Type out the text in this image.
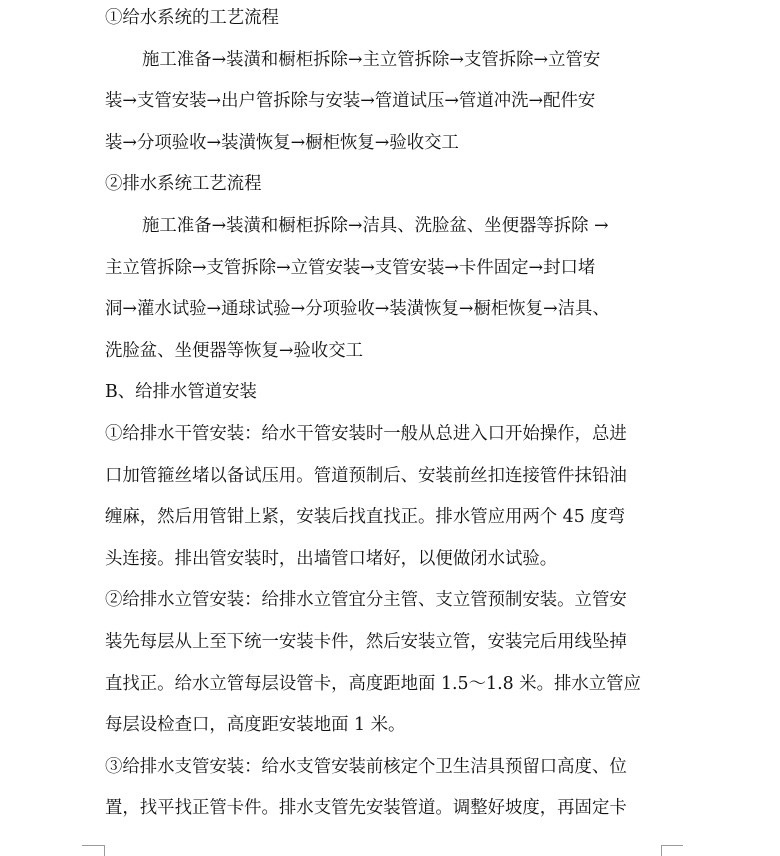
①给水系统的工艺流程
施工准备→装潢和橱柜拆除→主立管拆除→支管拆除→立管安
装→支管安装→出户管拆除与安装→管道试压→管道冲洗→配件安
装→分项验收→装潢恢复→橱柜恢复→验收交工
②排水系统工艺流程
施工准备→装潢和橱柜拆除→洁具、洗脸盆、坐便器等拆除 →
主立管拆除→支管拆除→立管安装→支管安装→卡件固定→封口堵
洞→灌水试验→通球试验→分项验收→装潢恢复→橱柜恢复→洁具、
洗脸盆、坐便器等恢复→验收交工
B、给排水管道安装
①给排水干管安装：给水干管安装时一般从总进入口开始操作，总进
口加管箍丝堵以备试压用。管道预制后、安装前丝扣连接管件抹铅油
缠麻，然后用管钳上紧，安装后找直找正。排水管应用两个 45 度弯
头连接。排出管安装时，出墙管口堵好，以便做闭水试验。
②给排水立管安装：给排水立管宜分主管、支立管预制安装。立管安
装先每层从上至下统一安装卡件，然后安装立管，安装完后用线坠掉
直找正。给水立管每层设管卡，高度距地面 1.5～1.8 米。排水立管应
每层设检查口，高度距安装地面 1 米。
③给排水支管安装：给水支管安装前核定个卫生洁具预留口高度、位
置，找平找正管卡件。排水支管先安装管道。调整好坡度，再固定卡
